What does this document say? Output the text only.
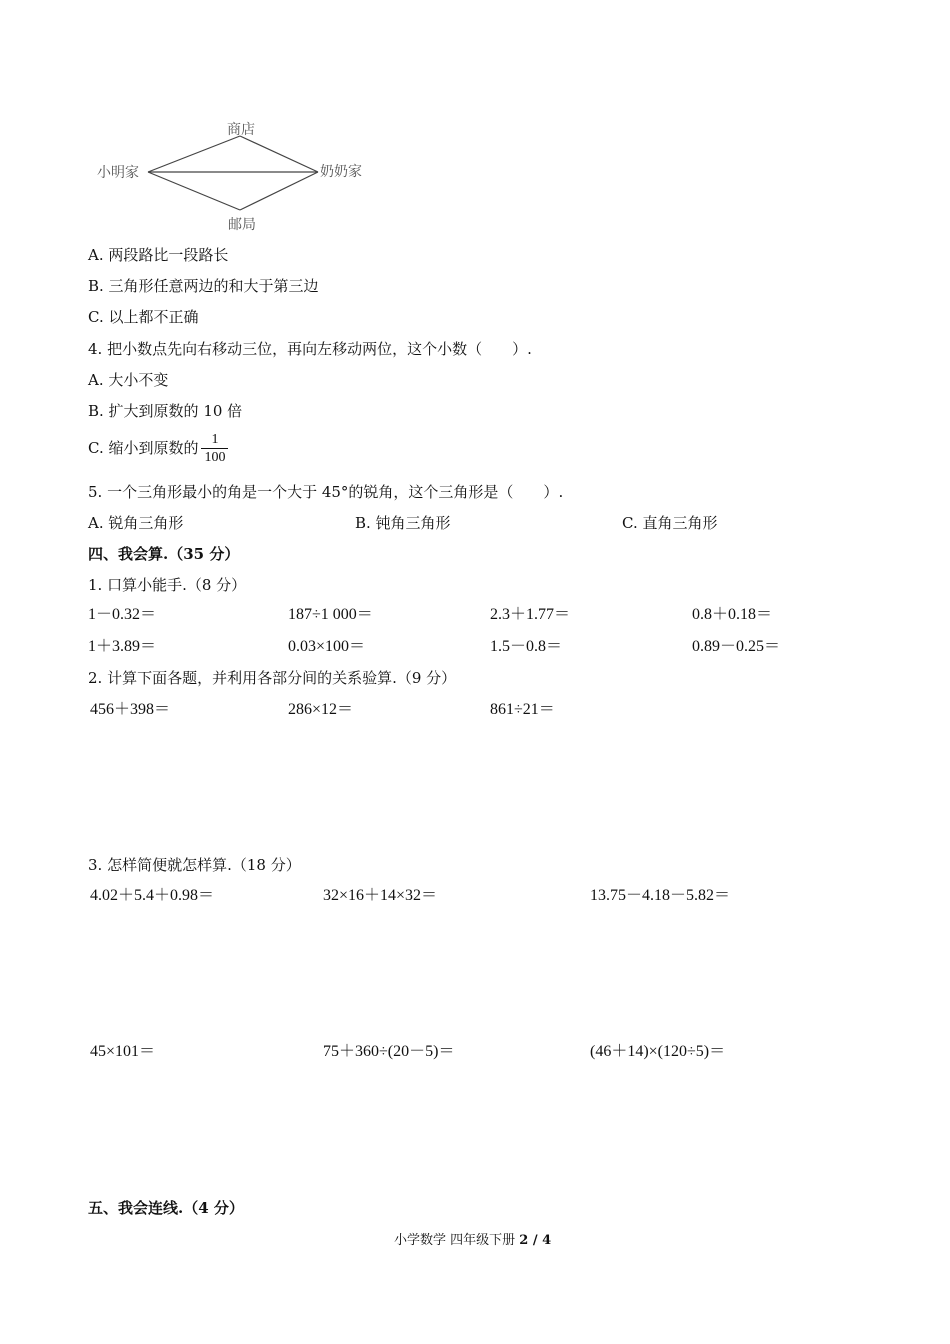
商店
小明家	奶奶家
邮局
A. 两段路比一段路长
B. 三角形任意两边的和大于第三边
C. 以上都不正确
4. 把小数点先向右移动三位，再向左移动两位，这个小数（　　）.
A. 大小不变
B. 扩大到原数的 10 倍
C. 缩小到原数的 $\frac{1}{100}$
5. 一个三角形最小的角是一个大于 45°的锐角，这个三角形是（　　）.
A. 锐角三角形	B. 钝角三角形	C. 直角三角形
四、我会算.（35 分）
1. 口算小能手.（8 分）
1－0.32＝	187÷1 000＝	2.3＋1.77＝	0.8＋0.18＝
1＋3.89＝	0.03×100＝	1.5－0.8＝	0.89－0.25＝
2. 计算下面各题，并利用各部分间的关系验算.（9 分）
456＋398＝	286×12＝	861÷21＝
3. 怎样简便就怎样算.（18 分）
4.02＋5.4＋0.98＝	32×16＋14×32＝	13.75－4.18－5.82＝
45×101＝	75＋360÷(20－5)＝	(46＋14)×(120÷5)＝
五、我会连线.（4 分）
小学数学 四年级下册 2 / 4
